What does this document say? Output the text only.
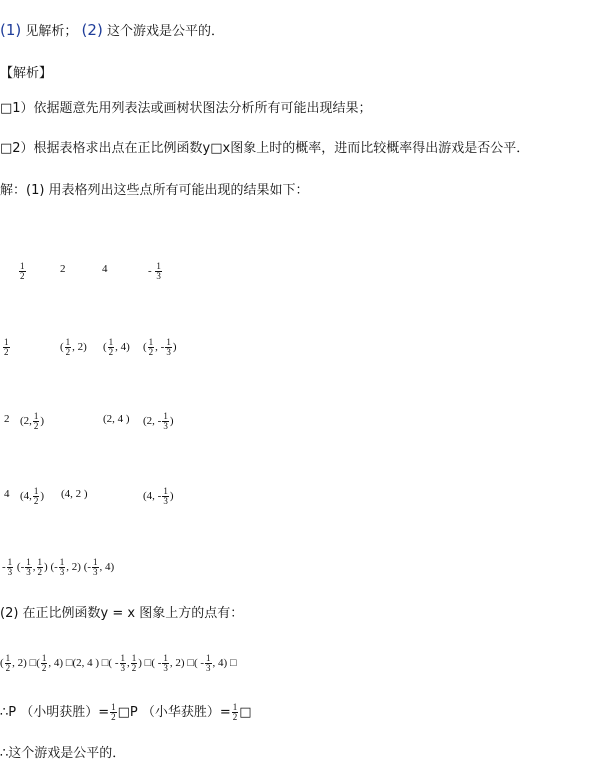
(1) 见解析； (2) 这个游戏是公平的．
【解析】
□1）依据题意先用列表法或画树状图法分析所有可能出现结果；
□2）根据表格求出点在正比例函数y□x图象上时的概率，进而比较概率得出游戏是否公平．
解：(1) 用表格列出这些点所有可能出现的结果如下：
$\frac{1}{2}$	2	4	- $\frac{1}{3}$
$\frac{1}{2}$	( $\frac{1}{2}$ , 2) ( $\frac{1}{2}$ , 4) ( $\frac{1}{2}$ , - $\frac{1}{3}$ )
2 (2, $\frac{1}{2}$ )	(2, 4 ) (2, - $\frac{1}{3}$ )
4 (4, $\frac{1}{2}$ ) (4, 2 )	(4, - $\frac{1}{3}$ )
- $\frac{1}{3}$ (- $\frac{1}{3}$ , $\frac{1}{2}$ ) (- $\frac{1}{3}$ , 2) (- $\frac{1}{3}$ , 4)
(2) 在正比例函数y = x 图象上方的点有：
( $\frac{1}{2}$ , 2) □( $\frac{1}{2}$ , 4) □(2, 4 ) □( - $\frac{1}{3}$ , $\frac{1}{2}$ ) □( - $\frac{1}{3}$ , 2) □( - $\frac{1}{3}$ , 4) □
∴P （小明获胜）= $\frac{1}{2}$ □P （小华获胜）= $\frac{1}{2}$ □
∴这个游戏是公平的．
